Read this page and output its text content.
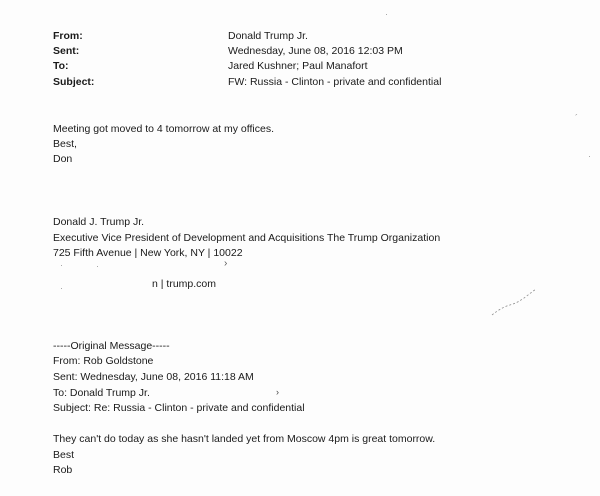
From:	Donald Trump Jr.
Sent:	Wednesday, June 08, 2016 12:03 PM
To:	Jared Kushner; Paul Manafort
Subject:	FW: Russia - Clinton - private and confidential
Meeting got moved to 4 tomorrow at my offices.
Best,
Don
Donald J. Trump Jr.
Executive Vice President of Development and Acquisitions The Trump Organization
725 Fifth Avenue | New York, NY | 10022
n | trump.com
·	·	›
·
-----Original Message-----
From: Rob Goldstone
Sent: Wednesday, June 08, 2016 11:18 AM
To: Donald Trump Jr.
Subject: Re: Russia - Clinton - private and confidential
They can't do today as she hasn't landed yet from Moscow 4pm is great tomorrow.
Best
Rob
›
·
´
·
